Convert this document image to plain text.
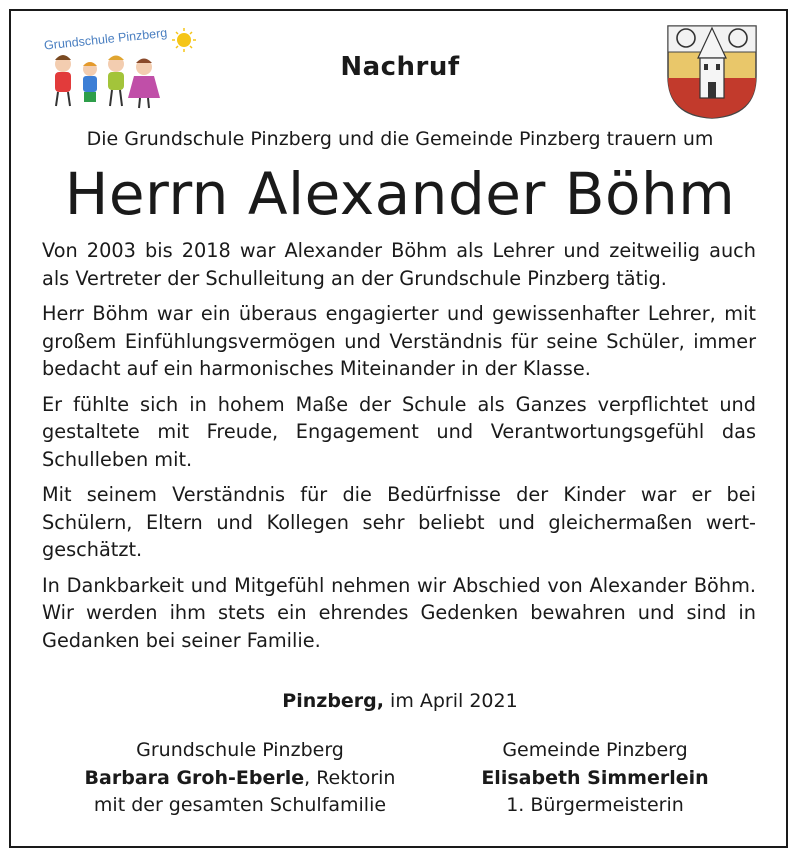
Grundschule Pinzberg
Nachruf
Die Grundschule Pinzberg und die Gemeinde Pinzberg trauern um
Herrn Alexander Böhm

Von 2003 bis 2018 war Alexander Böhm als Lehrer und zeitweilig auch als Vertreter der Schulleitung an der Grundschule Pinzberg tätig.

Herr Böhm war ein überaus engagierter und gewissenhafter Lehrer, mit großem Einfühlungsvermögen und Verständnis für seine Schüler, immer bedacht auf ein harmonisches Miteinander in der Klasse.

Er fühlte sich in hohem Maße der Schule als Ganzes verpflichtet und gestaltete mit Freude, Engagement und Verantwortungsgefühl das Schulleben mit.

Mit seinem Verständnis für die Bedürfnisse der Kinder war er bei Schülern, Eltern und Kollegen sehr beliebt und gleichermaßen wertgeschätzt.

In Dankbarkeit und Mitgefühl nehmen wir Abschied von Alexander Böhm. Wir werden ihm stets ein ehrendes Gedenken bewahren und sind in Gedanken bei seiner Familie.

Pinzberg, im April 2021
Grundschule Pinzberg
Barbara Groh-Eberle, Rektorin
mit der gesamten Schulfamilie
Gemeinde Pinzberg
Elisabeth Simmerlein
1. Bürgermeisterin
